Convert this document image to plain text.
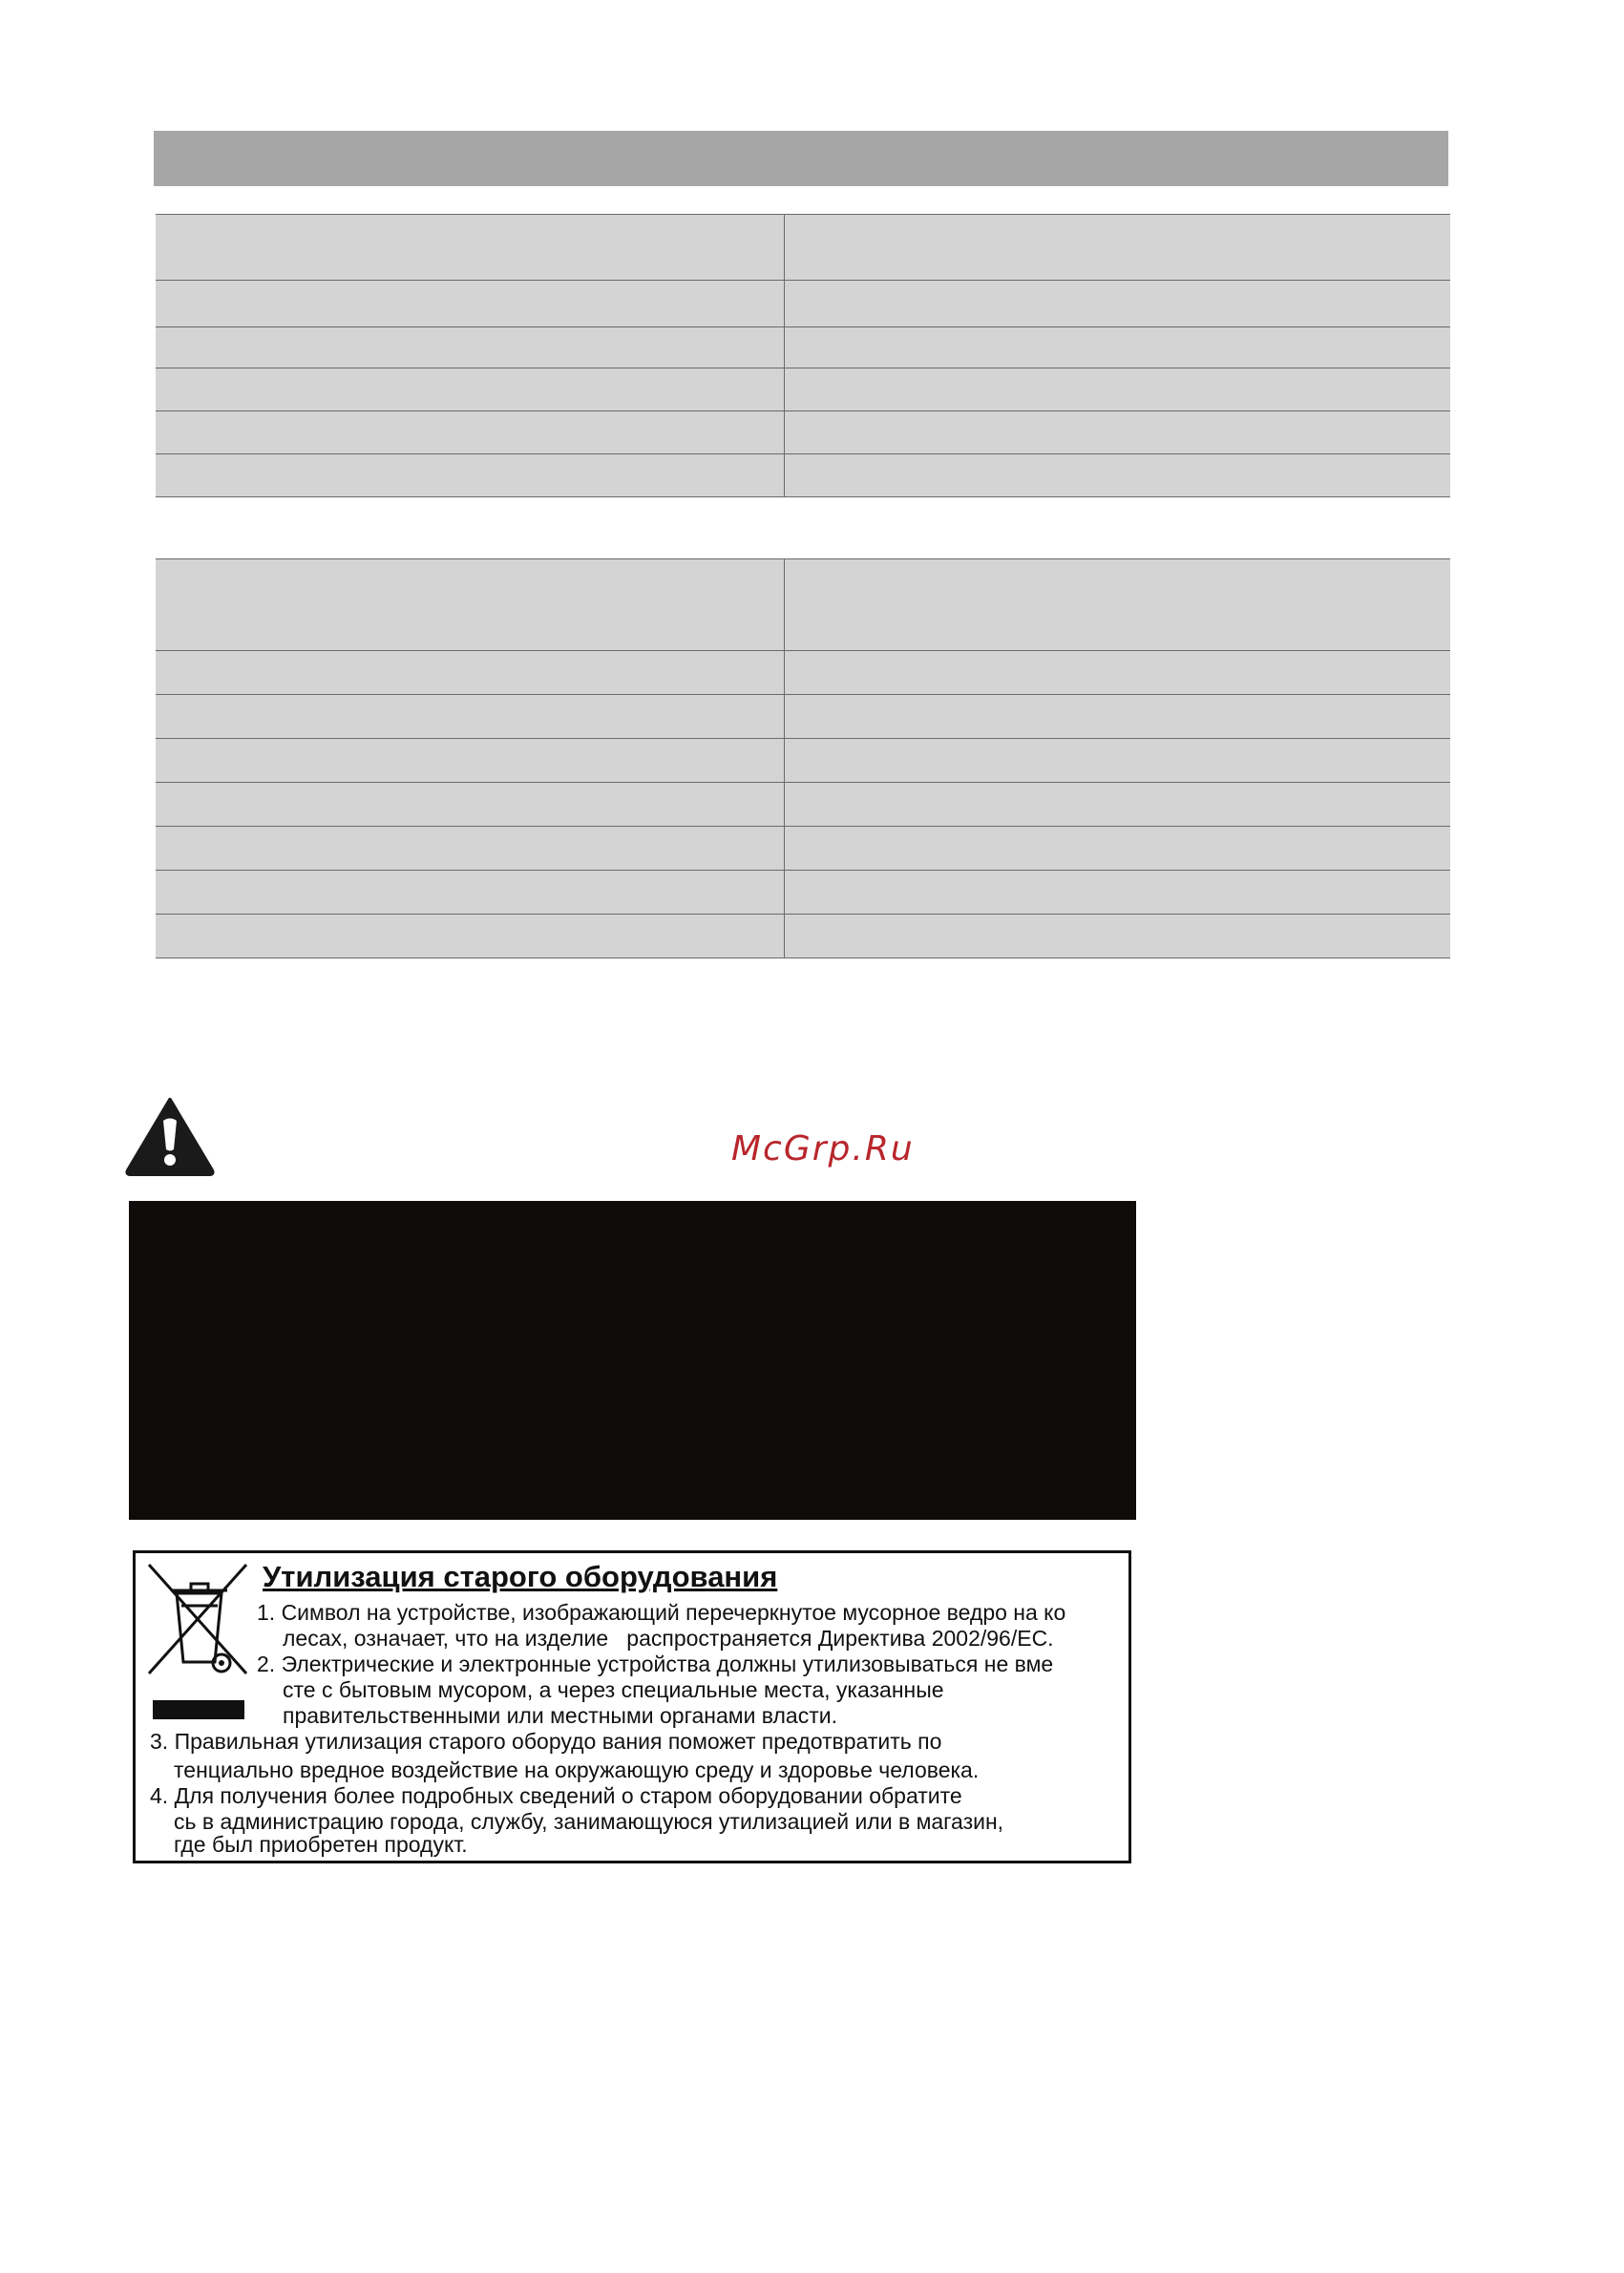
McGrp.Ru
Утилизация старого оборудования
1. Символ на устройстве, изображающий перечеркнутое мусорное ведро на ко
лесах, означает, что на изделие   распространяется Директива 2002/96/EC.
2. Электрические и электронные устройства должны утилизовываться не вме
сте с бытовым мусором, а через специальные места, указанные
правительственными или местными органами власти.
3. Правильная утилизация старого оборудо вания поможет предотвратить по
тенциально вредное воздействие на окружающую среду и здоровье человека.
4. Для получения более подробных сведений о старом оборудовании обратите
сь в администрацию города, службу, занимающуюся утилизацией или в магазин,
где был приобретен продукт.
